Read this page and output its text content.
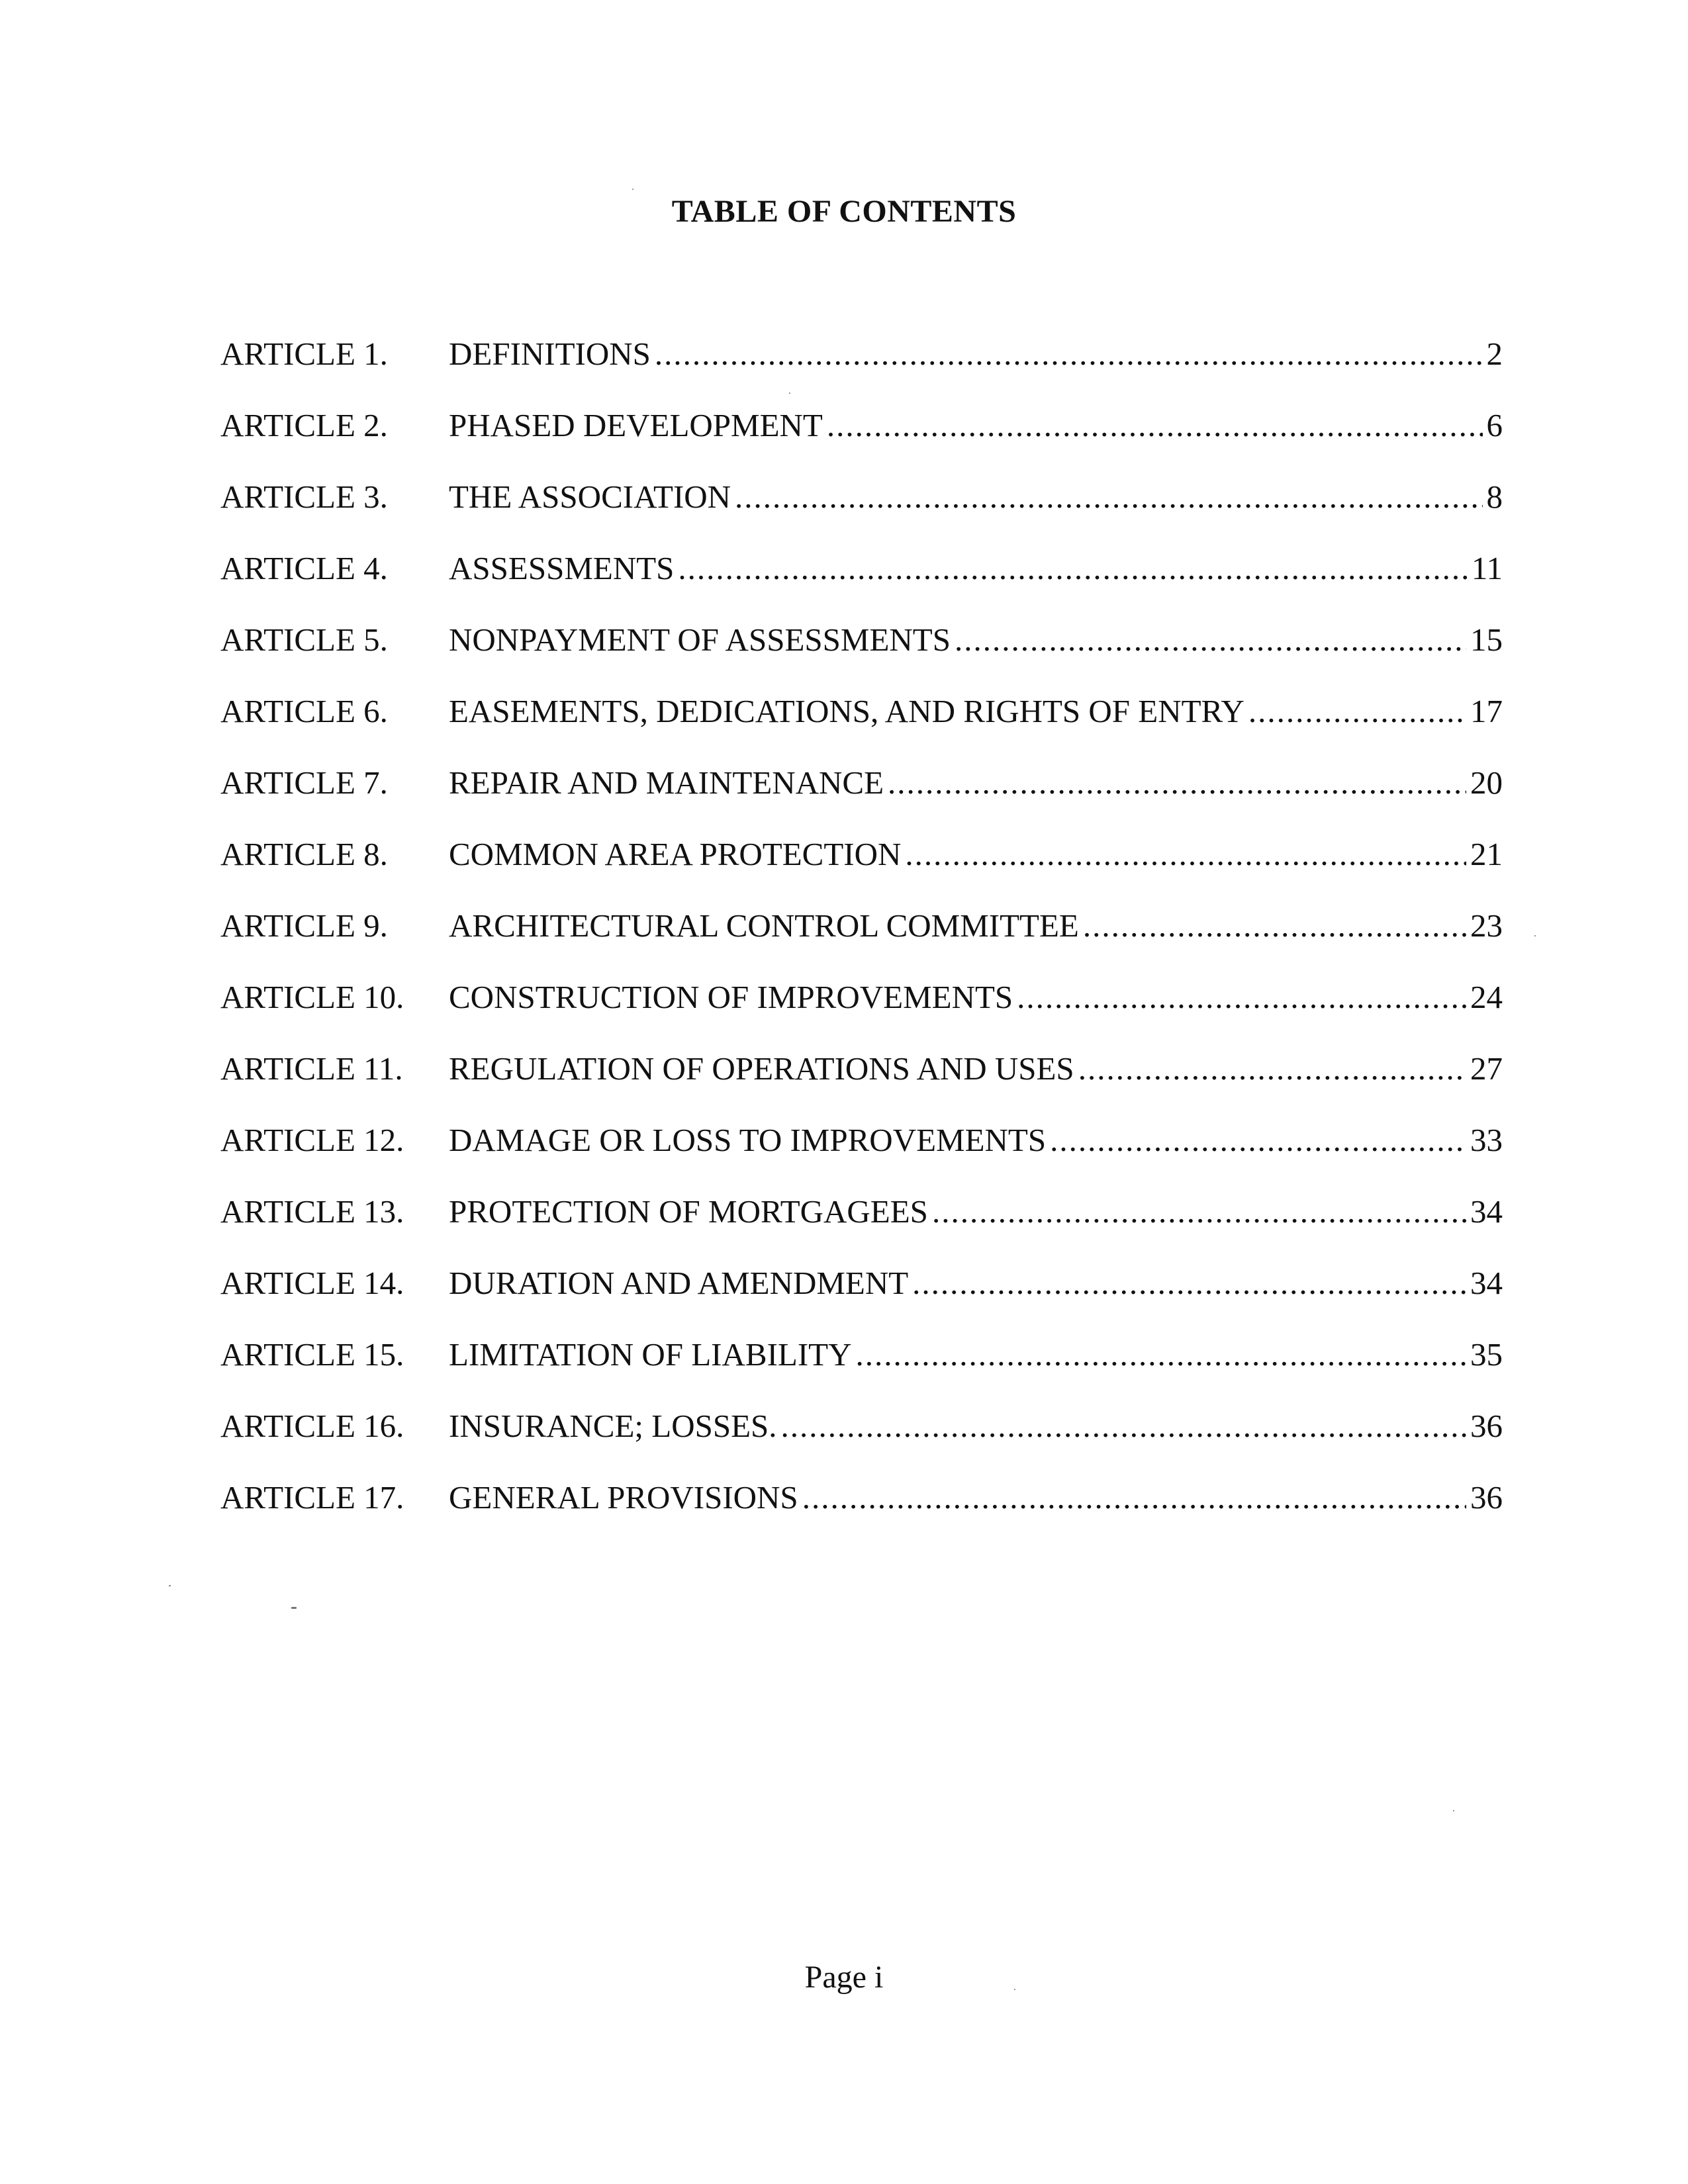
TABLE OF CONTENTS
ARTICLE 1. DEFINITIONS .....	2
ARTICLE 2. PHASED DEVELOPMENT .....	6
ARTICLE 3. THE ASSOCIATION .....	8
ARTICLE 4. ASSESSMENTS .....	11
ARTICLE 5. NONPAYMENT OF ASSESSMENTS .....	15
ARTICLE 6. EASEMENTS, DEDICATIONS, AND RIGHTS OF ENTRY .....	17
ARTICLE 7. REPAIR AND MAINTENANCE .....	20
ARTICLE 8. COMMON AREA PROTECTION .....	21
ARTICLE 9. ARCHITECTURAL CONTROL COMMITTEE .....	23
ARTICLE 10. CONSTRUCTION OF IMPROVEMENTS .....	24
ARTICLE 11. REGULATION OF OPERATIONS AND USES .....	27
ARTICLE 12. DAMAGE OR LOSS TO IMPROVEMENTS .....	33
ARTICLE 13. PROTECTION OF MORTGAGEES .....	34
ARTICLE 14. DURATION AND AMENDMENT .....	34
ARTICLE 15. LIMITATION OF LIABILITY .....	35
ARTICLE 16. INSURANCE; LOSSES. .....	36
ARTICLE 17. GENERAL PROVISIONS .....	36
Page i
